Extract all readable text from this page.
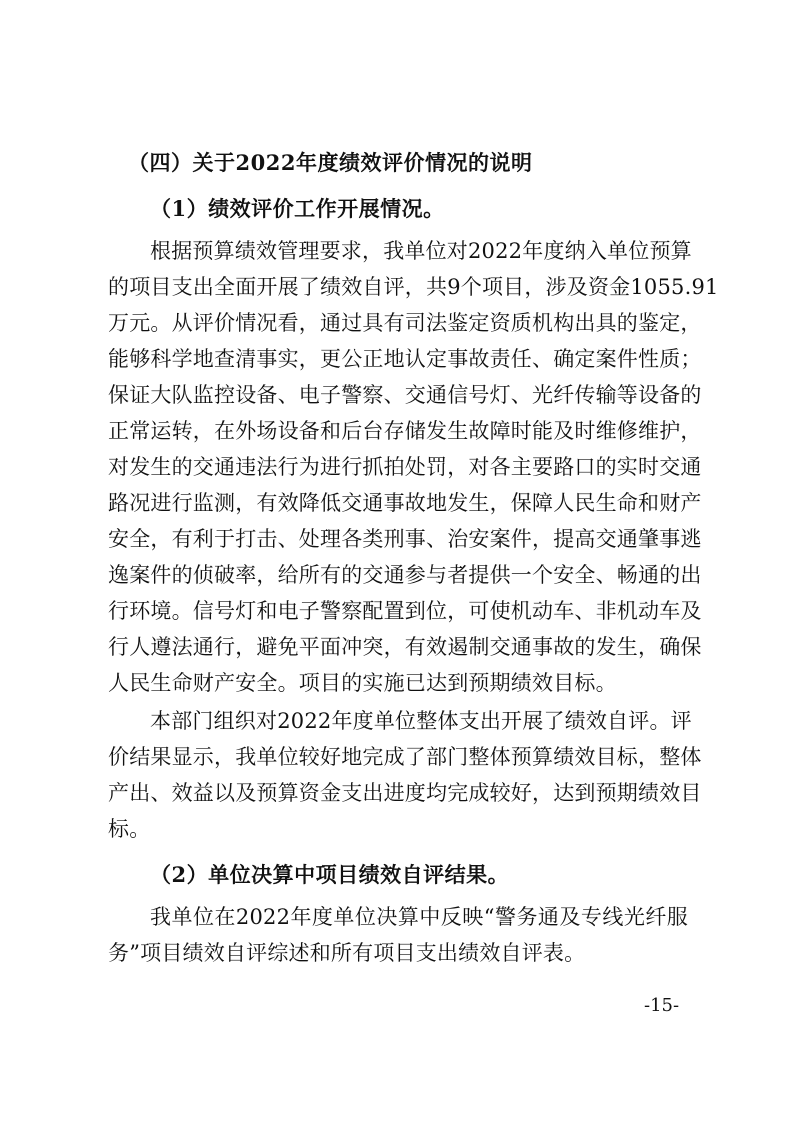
（四）关于2022年度绩效评价情况的说明
（1）绩效评价工作开展情况。
根据预算绩效管理要求，我单位对2022年度纳入单位预算
的项目支出全面开展了绩效自评，共9个项目，涉及资金1055.91
万元。从评价情况看，通过具有司法鉴定资质机构出具的鉴定，
能够科学地查清事实，更公正地认定事故责任、确定案件性质；
保证大队监控设备、电子警察、交通信号灯、光纤传输等设备的
正常运转，在外场设备和后台存储发生故障时能及时维修维护，
对发生的交通违法行为进行抓拍处罚，对各主要路口的实时交通
路况进行监测，有效降低交通事故地发生，保障人民生命和财产
安全，有利于打击、处理各类刑事、治安案件，提高交通肇事逃
逸案件的侦破率，给所有的交通参与者提供一个安全、畅通的出
行环境。信号灯和电子警察配置到位，可使机动车、非机动车及
行人遵法通行，避免平面冲突，有效遏制交通事故的发生，确保
人民生命财产安全。项目的实施已达到预期绩效目标。
本部门组织对2022年度单位整体支出开展了绩效自评。评
价结果显示，我单位较好地完成了部门整体预算绩效目标，整体
产出、效益以及预算资金支出进度均完成较好，达到预期绩效目
标。
（2）单位决算中项目绩效自评结果。
我单位在2022年度单位决算中反映“警务通及专线光纤服
务”项目绩效自评综述和所有项目支出绩效自评表。
-15-
